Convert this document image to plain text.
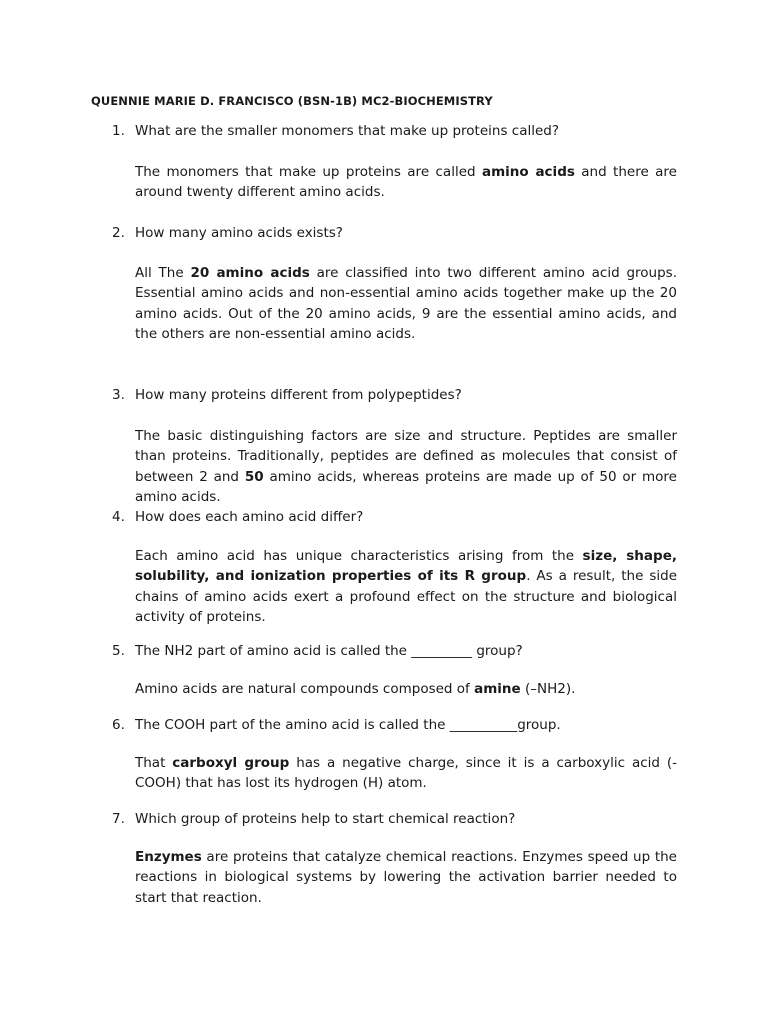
QUENNIE MARIE D. FRANCISCO (BSN-1B) MC2-BIOCHEMISTRY
1. What are the smaller monomers that make up proteins called?
The monomers that make up proteins are called amino acids and there are around twenty different amino acids.
2. How many amino acids exists?
All The 20 amino acids are classified into two different amino acid groups. Essential amino acids and non-essential amino acids together make up the 20 amino acids. Out of the 20 amino acids, 9 are the essential amino acids, and the others are non-essential amino acids.
3. How many proteins different from polypeptides?
The basic distinguishing factors are size and structure. Peptides are smaller than proteins. Traditionally, peptides are defined as molecules that consist of between 2 and 50 amino acids, whereas proteins are made up of 50 or more amino acids.
4. How does each amino acid differ?
Each amino acid has unique characteristics arising from the size, shape, solubility, and ionization properties of its R group. As a result, the side chains of amino acids exert a profound effect on the structure and biological activity of proteins.
5. The NH2 part of amino acid is called the _________ group?
Amino acids are natural compounds composed of amine (–NH2).
6. The COOH part of the amino acid is called the __________group.
That carboxyl group has a negative charge, since it is a carboxylic acid (-COOH) that has lost its hydrogen (H) atom.
7. Which group of proteins help to start chemical reaction?
Enzymes are proteins that catalyze chemical reactions. Enzymes speed up the reactions in biological systems by lowering the activation barrier needed to start that reaction.
